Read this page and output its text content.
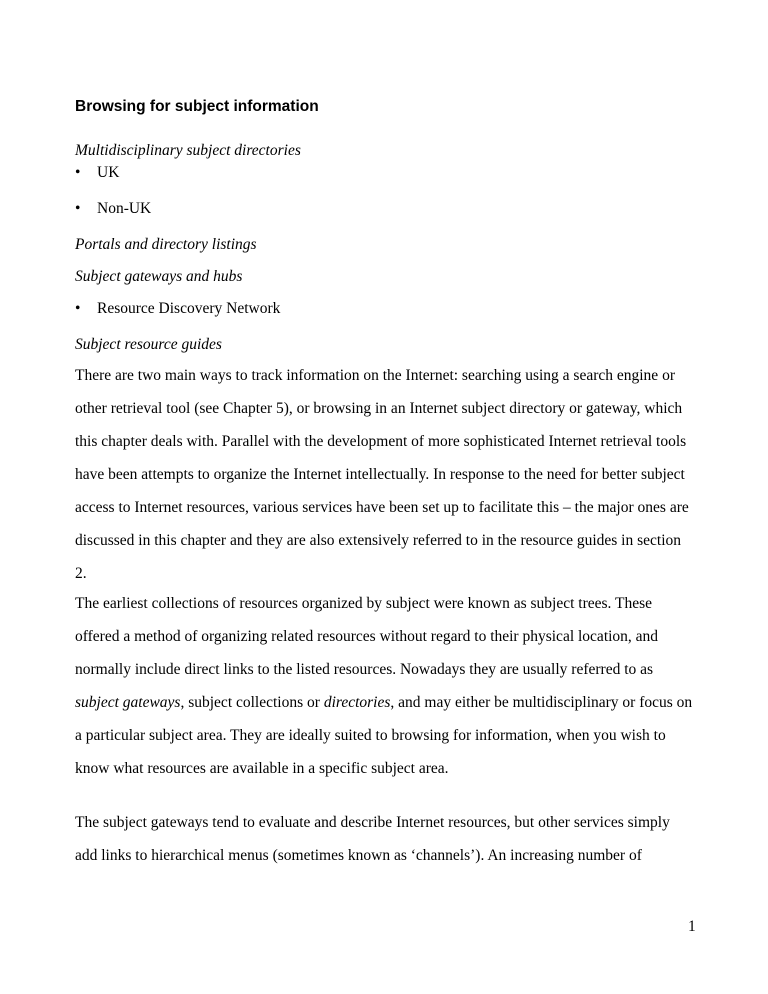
Browsing for subject information
Multidisciplinary subject directories
• UK
• Non-UK
Portals and directory listings
Subject gateways and hubs
• Resource Discovery Network
Subject resource guides

There are two main ways to track information on the Internet: searching using a search engine or
other retrieval tool (see Chapter 5), or browsing in an Internet subject directory or gateway, which
this chapter deals with. Parallel with the development of more sophisticated Internet retrieval tools
have been attempts to organize the Internet intellectually. In response to the need for better subject
access to Internet resources, various services have been set up to facilitate this – the major ones are
discussed in this chapter and they are also extensively referred to in the resource guides in section
2.

The earliest collections of resources organized by subject were known as subject trees. These
offered a method of organizing related resources without regard to their physical location, and
normally include direct links to the listed resources. Nowadays they are usually referred to as
subject gateways, subject collections or directories, and may either be multidisciplinary or focus on
a particular subject area. They are ideally suited to browsing for information, when you wish to
know what resources are available in a specific subject area.

The subject gateways tend to evaluate and describe Internet resources, but other services simply
add links to hierarchical menus (sometimes known as ‘channels’). An increasing number of

1
